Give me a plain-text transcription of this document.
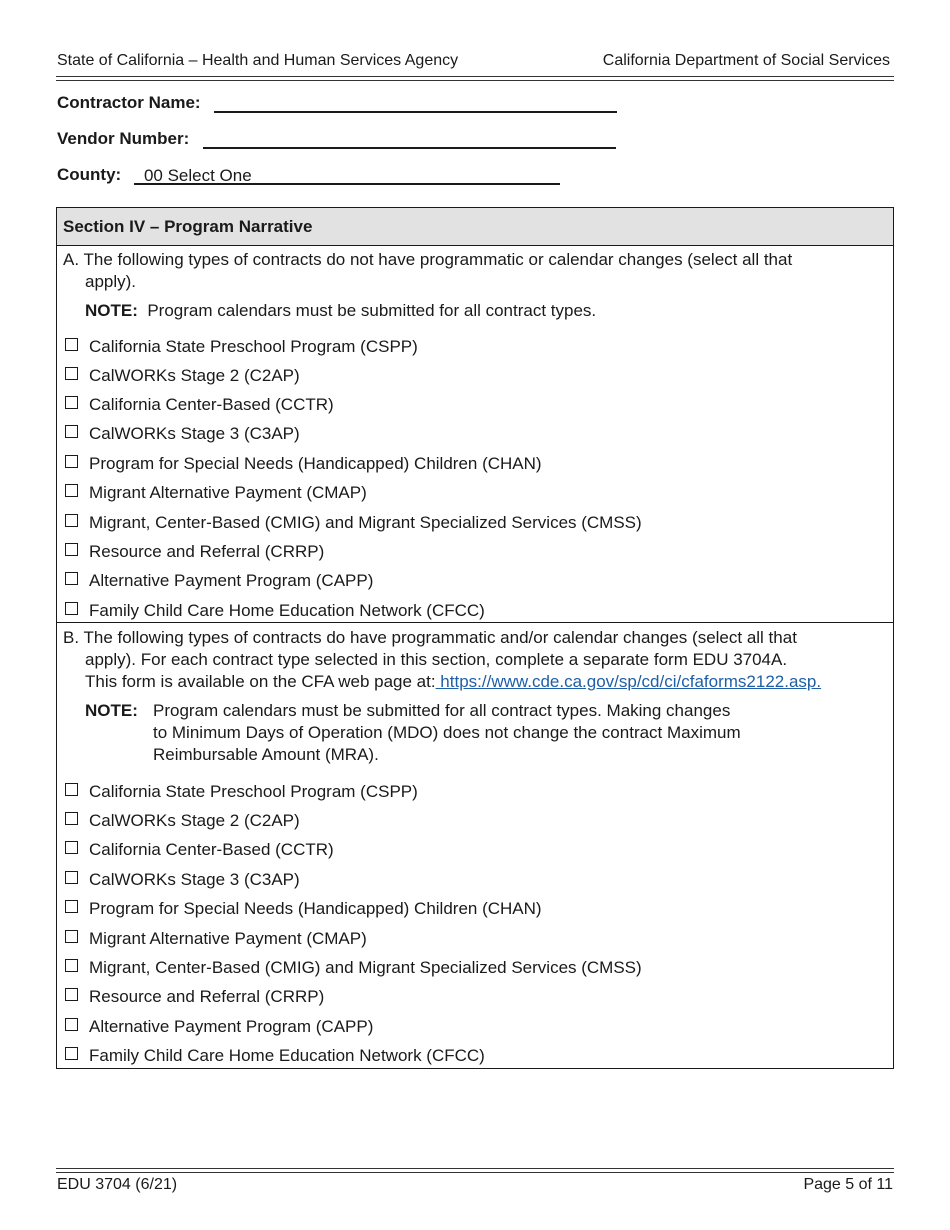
State of California – Health and Human Services Agency	California Department of Social Services
Contractor Name:
Vendor Number:
County: 00 Select One
Section IV – Program Narrative
A. The following types of contracts do not have programmatic or calendar changes (select all that
apply).
NOTE: Program calendars must be submitted for all contract types.
California State Preschool Program (CSPP)
CalWORKs Stage 2 (C2AP)
California Center-Based (CCTR)
CalWORKs Stage 3 (C3AP)
Program for Special Needs (Handicapped) Children (CHAN)
Migrant Alternative Payment (CMAP)
Migrant, Center-Based (CMIG) and Migrant Specialized Services (CMSS)
Resource and Referral (CRRP)
Alternative Payment Program (CAPP)
Family Child Care Home Education Network (CFCC)
B. The following types of contracts do have programmatic and/or calendar changes (select all that
apply). For each contract type selected in this section, complete a separate form EDU 3704A.
This form is available on the CFA web page at: https://www.cde.ca.gov/sp/cd/ci/cfaforms2122.asp.
NOTE: Program calendars must be submitted for all contract types. Making changes
to Minimum Days of Operation (MDO) does not change the contract Maximum
Reimbursable Amount (MRA).
California State Preschool Program (CSPP)
CalWORKs Stage 2 (C2AP)
California Center-Based (CCTR)
CalWORKs Stage 3 (C3AP)
Program for Special Needs (Handicapped) Children (CHAN)
Migrant Alternative Payment (CMAP)
Migrant, Center-Based (CMIG) and Migrant Specialized Services (CMSS)
Resource and Referral (CRRP)
Alternative Payment Program (CAPP)
Family Child Care Home Education Network (CFCC)
EDU 3704 (6/21)	Page 5 of 11
